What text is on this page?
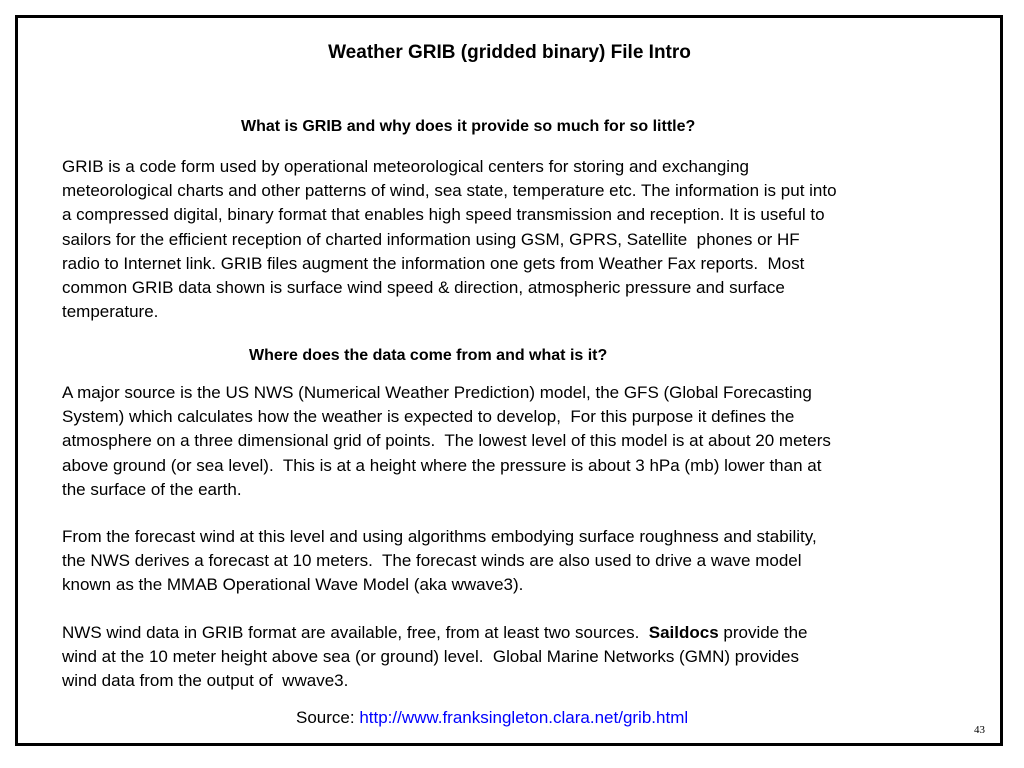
Weather GRIB (gridded binary) File Intro
What is GRIB and why does it provide so much for so little?

GRIB is a code form used by operational meteorological centers for storing and exchanging
meteorological charts and other patterns of wind, sea state, temperature etc. The information is put into
a compressed digital, binary format that enables high speed transmission and reception. It is useful to
sailors for the efficient reception of charted information using GSM, GPRS, Satellite  phones or HF
radio to Internet link. GRIB files augment the information one gets from Weather Fax reports.  Most
common GRIB data shown is surface wind speed & direction, atmospheric pressure and surface
temperature.

Where does the data come from and what is it?

A major source is the US NWS (Numerical Weather Prediction) model, the GFS (Global Forecasting
System) which calculates how the weather is expected to develop,  For this purpose it defines the
atmosphere on a three dimensional grid of points.  The lowest level of this model is at about 20 meters
above ground (or sea level).  This is at a height where the pressure is about 3 hPa (mb) lower than at
the surface of the earth.

From the forecast wind at this level and using algorithms embodying surface roughness and stability,
the NWS derives a forecast at 10 meters.  The forecast winds are also used to drive a wave model
known as the MMAB Operational Wave Model (aka wwave3).

NWS wind data in GRIB format are available, free, from at least two sources.  Saildocs provide the
wind at the 10 meter height above sea (or ground) level.  Global Marine Networks (GMN) provides
wind data from the output of  wwave3.

Source: http://www.franksingleton.clara.net/grib.html

43
